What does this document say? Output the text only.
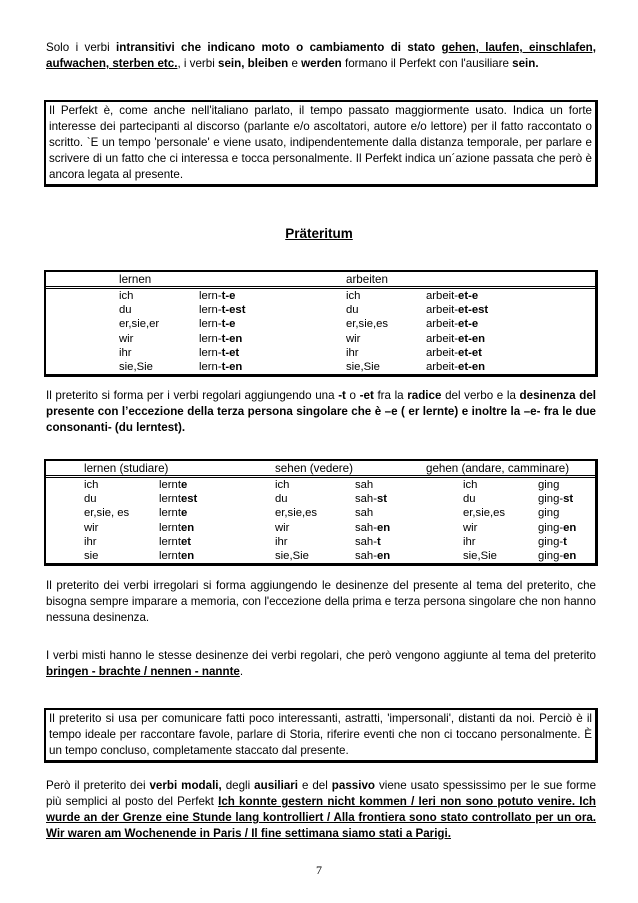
Solo i verbi intransitivi che indicano moto o cambiamento di stato gehen, laufen, einschlafen, aufwachen, sterben etc., i verbi sein, bleiben e werden formano il Perfekt con l'ausiliare sein.
Il Perfekt è, come anche nell'italiano parlato, il tempo passato maggiormente usato. Indica un forte interesse dei partecipanti al discorso (parlante e/o ascoltatori, autore e/o lettore) per il fatto raccontato o scritto. `E un tempo 'personale' e viene usato, indipendentemente dalla distanza temporale, per parlare e scrivere di un fatto che ci interessa e tocca personalmente. Il Perfekt indica un´azione passata che però è ancora legata al presente.
Präteritum
lernen	arbeiten
ich	lern-t-e	ich	arbeit-et-e
du	lern-t-est	du	arbeit-et-est
er,sie,er	lern-t-e	er,sie,es	arbeit-et-e
wir	lern-t-en	wir	arbeit-et-en
ihr	lern-t-et	ihr	arbeit-et-et
sie,Sie	lern-t-en	sie,Sie	arbeit-et-en
Il preterito si forma per i verbi regolari aggiungendo una -t o -et fra la radice del verbo e la desinenza del presente con l’eccezione della terza persona singolare che è –e ( er lernte) e inoltre la –e- fra le due consonanti- (du lerntest).
lernen (studiare)	sehen (vedere)	gehen (andare, camminare)
ich	lernte	ich	sah	ich	ging
du	lerntest	du	sah-st	du	ging-st
er,sie, es	lernte	er,sie,es	sah	er,sie,es	ging
wir	lernten	wir	sah-en	wir	ging-en
ihr	lerntet	ihr	sah-t	ihr	ging-t
sie	lernten	sie,Sie	sah-en	sie,Sie	ging-en
Il preterito dei verbi irregolari si forma aggiungendo le desinenze del presente al tema del preterito, che bisogna sempre imparare a memoria, con l'eccezione della prima e terza persona singolare che non hanno nessuna desinenza.
I verbi misti hanno le stesse desinenze dei verbi regolari, che però vengono aggiunte al tema del preterito bringen - brachte / nennen - nannte.
Il preterito si usa per comunicare fatti poco interessanti, astratti, 'impersonali', distanti da noi. Perciò è il tempo ideale per raccontare favole, parlare di Storia, riferire eventi che non ci toccano personalmente. È un tempo concluso, completamente staccato dal presente.
Però il preterito dei verbi modali, degli ausiliari e del passivo viene usato spessissimo per le sue forme più semplici al posto del Perfekt Ich konnte gestern nicht kommen / Ieri non sono potuto venire. Ich wurde an der Grenze eine Stunde lang kontrolliert / Alla frontiera sono stato controllato per un ora. Wir waren am Wochenende in Paris / Il fine settimana siamo stati a Parigi.
7
